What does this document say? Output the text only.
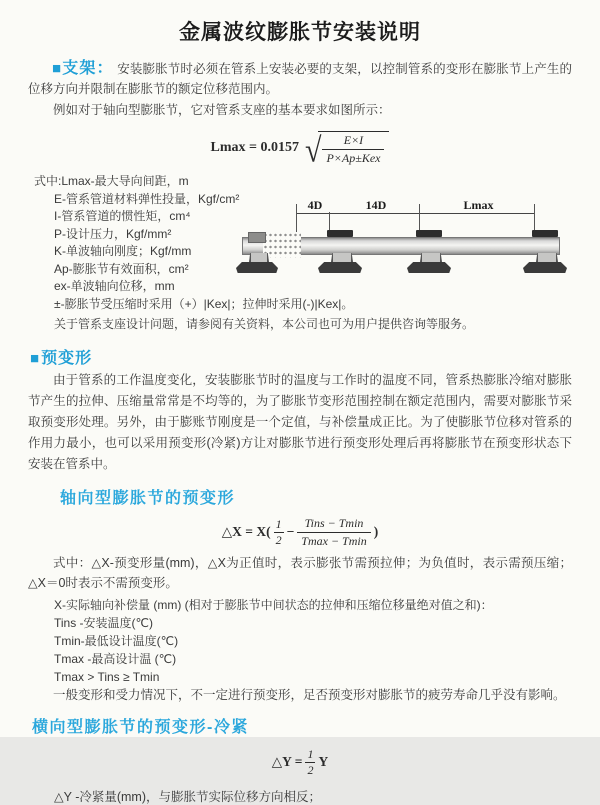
金属波纹膨胀节安装说明

■支架： 安装膨胀节时必须在管系上安装必要的支架，以控制管系的变形在膨胀节上产生的位移方向并限制在膨胀节的额定位移范围内。

例如对于轴向型膨胀节，它对管系支座的基本要求如图所示：

Lmax = 0.0157 √ $\frac{E\times I}{\text{P×Ap±Kex}}$
式中:Lmax-最大导向间距，m
E-管系管道材料弹性投量，Kgf/cm²
I-管系管道的惯性矩，cm⁴
P-设计压力，Kgf/mm²
K-单波轴向刚度；Kgf/mm
Ap-膨胀节有效面积，cm²
ex-单波轴向位移，mm
±-膨胀节受压缩时采用（+）|Kex|；拉伸时采用(-)|Kex|。
关于管系支座设计问题，请参阅有关资料，本公司也可为用户提供咨询等服务。
4D	14D	Lmax
■预变形

由于管系的工作温度变化，安装膨胀节时的温度与工作时的温度不同，管系热膨胀冷缩对膨胀节产生的拉伸、压缩量常常是不均等的，为了膨胀节变形范围控制在额定范围内，需要对膨胀节采取预变形处理。另外，由于膨账节刚度是一个定值，与补偿量成正比。为了使膨胀节位移对管系的作用力最小，也可以采用预变形(冷紧)方让对膨胀节进行预变形处理后再将膨胀节在预变形状态下安装在管系中。

轴向型膨胀节的预变形
△X = $X( \frac{1}{2} - \frac{\text{Tins − Tmin}}{Tmax - Tmin}$ )

式中：△X-预变形量(mm)，△X为正值时，表示膨张节需预拉伸；为负值时，表示需预压缩；△X＝0时表示不需预变形。

X-实际轴向补偿量 (mm) (相对于膨胀节中间状态的拉伸和压缩位移量绝对值之和)：
Tins -安装温度(℃)
Tmin-最低设计温度(℃)
Tmax -最高设计温 (℃)
Tmax > Tins ≥ Tmin

一般变形和受力情况下，不一定进行预变形，足否预变形对膨胀节的疲劳寿命几乎没有影响。

横向型膨胀节的预变形-冷紧
△Y = $\frac{1}{2}$ Y
△Y -冷紧量(mm)，与膨胀节实际位移方向相反；
